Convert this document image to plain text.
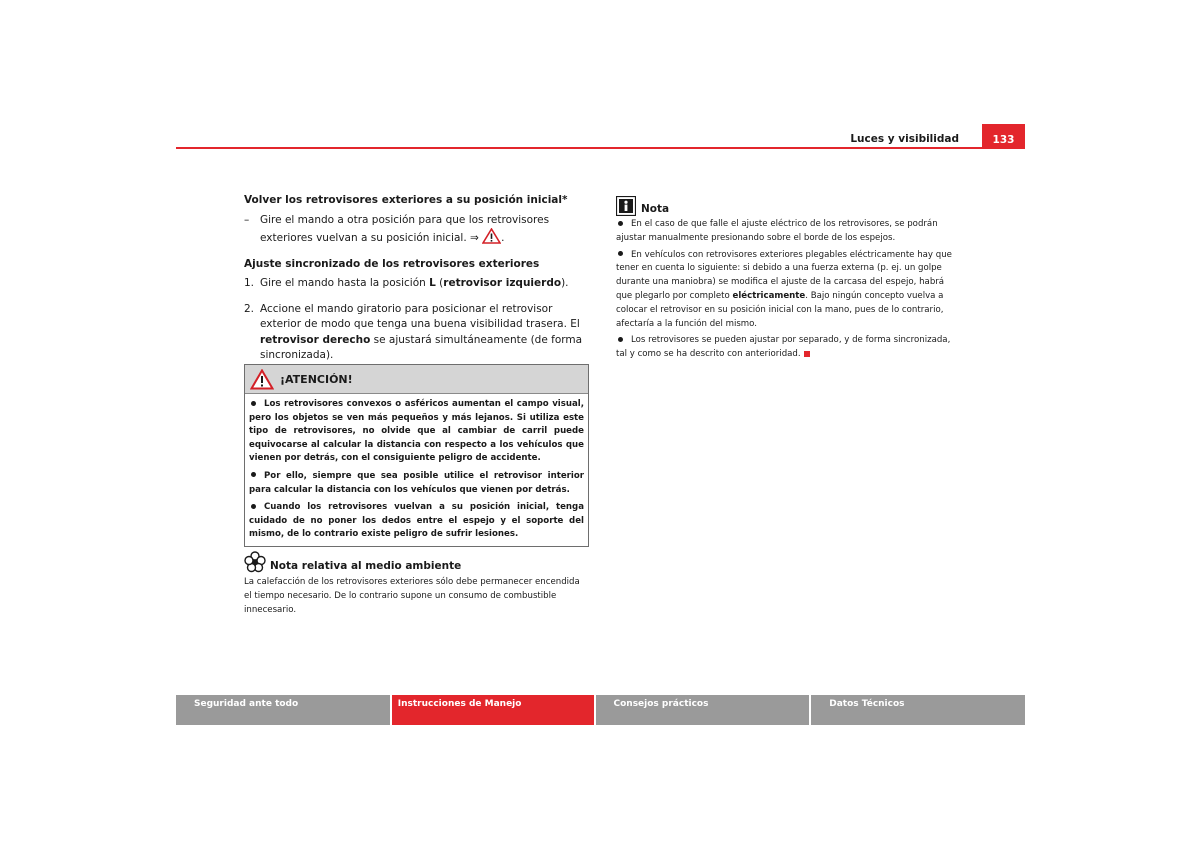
Luces y visibilidad	133

Volver los retrovisores exteriores a su posición inicial*

–	Gire el mando a otra posición para que los retrovisores exteriores vuelvan a su posición inicial. ⇒ .

Ajuste sincronizado de los retrovisores exteriores

1. Gire el mando hasta la posición L (retrovisor izquierdo).
2. Accione el mando giratorio para posicionar el retrovisor exterior de modo que tenga una buena visibilidad trasera. El retrovisor derecho se ajustará simultáneamente (de forma sincronizada).
¡ATENCIÓN!

Los retrovisores convexos o asféricos aumentan el campo visual, pero los objetos se ven más pequeños y más lejanos. Si utiliza este tipo de retrovisores, no olvide que al cambiar de carril puede equivocarse al calcular la distancia con respecto a los vehículos que vienen por detrás, con el consiguiente peligro de accidente.

Por ello, siempre que sea posible utilice el retrovisor interior para calcular la distancia con los vehículos que vienen por detrás.

Cuando los retrovisores vuelvan a su posición inicial, tenga cuidado de no poner los dedos entre el espejo y el soporte del mismo, de lo contrario existe peligro de sufrir lesiones.

Nota relativa al medio ambiente
La calefacción de los retrovisores exteriores sólo debe permanecer encendida el tiempo necesario. De lo contrario supone un consumo de combustible innecesario.
Nota

En el caso de que falle el ajuste eléctrico de los retrovisores, se podrán ajustar manualmente presionando sobre el borde de los espejos.

En vehículos con retrovisores exteriores plegables eléctricamente hay que tener en cuenta lo siguiente: si debido a una fuerza externa (p. ej. un golpe durante una maniobra) se modifica el ajuste de la carcasa del espejo, habrá que plegarlo por completo eléctricamente. Bajo ningún concepto vuelva a colocar el retrovisor en su posición inicial con la mano, pues de lo contrario, afectaría a la función del mismo.

Los retrovisores se pueden ajustar por separado, y de forma sincronizada, tal y como se ha descrito con anterioridad.

Seguridad ante todo	Instrucciones de Manejo	Consejos prácticos	Datos Técnicos
